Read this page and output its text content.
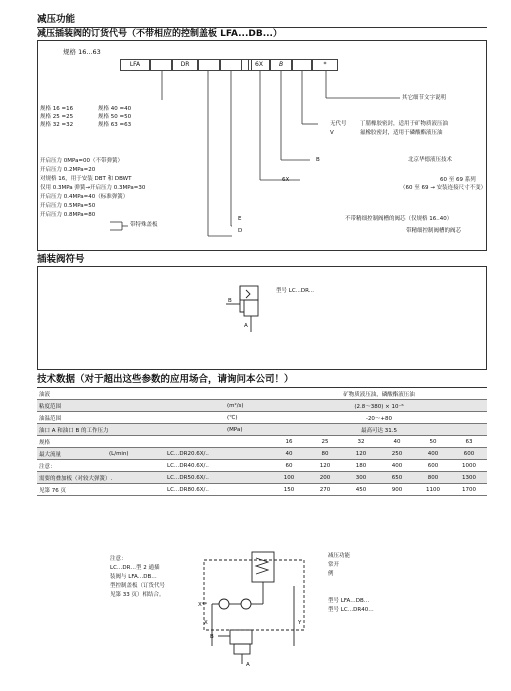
减压功能
减压插装阀的订货代号（不带相应的控制盖板 LFA...DB...）
规格 16...63
LFA	DR	6X	B	*
规格 16 =16
规格 25 =25
规格 32 =32
规格 40 =40
规格 50 =50
规格 63 =63
开启压力 0MPa=00（不带弹簧）
开启压力 0.2MPa=20
对规格 16，用于安装 DBT 和 DBWT
仅用 0.3MPa 弹簧→开启压力 0.3MPa=30
开启压力 0.4MPa=40（标准弹簧）
开启压力 0.5MPa=50
开启压力 0.8MPa=80
带特殊盖板
其它细节文字说明
无代号 丁腈橡胶密封，适用于矿物质液压油
V	氟橡胶密封，适用于磷酸酯液压油
B	北京华德液压技术
6X	60 至 69 系列
（60 至 69 → 安装连接尺寸不变）
E	不带精细控制阀槽的阀芯（仅规格 16..40）
D	带精细控制阀槽的阀芯
插装阀符号
B
A
型号 LC...DR...
技术数据（对于超出这些参数的应用场合，请询问本公司！）
油液				矿物质液压油，磷酸酯液压油					
粘度范围			(m²/s)	(2.8～380) × 10⁻⁶					
油温范围			(℃)	-20～+80					
油口 A 和油口 B 的工作压力			(MPa)	最高可达 31.5					
规格				16	25	32	40	50	63
最大流量	(L/min)	LC…DR20.6X/..		40	80	120	250	400	600
注意：		LC…DR40.6X/..		60	120	180	400	600	1000
需要的叠加板（对较大弹簧）.		LC…DR50.6X/..		100	200	300	650	800	1300
见第 76 页		LC…DR80.6X/..		150	270	450	900	1100	1700
注意：
LC…DR…型 2 通插
装阀与 LFA…DB…
型控制盖板（订货代号
见第 33 页）相结合。
X**
X	Y
B
A
减压功能
常开
例
型号 LFA…DB…
型号 LC…DR40…
